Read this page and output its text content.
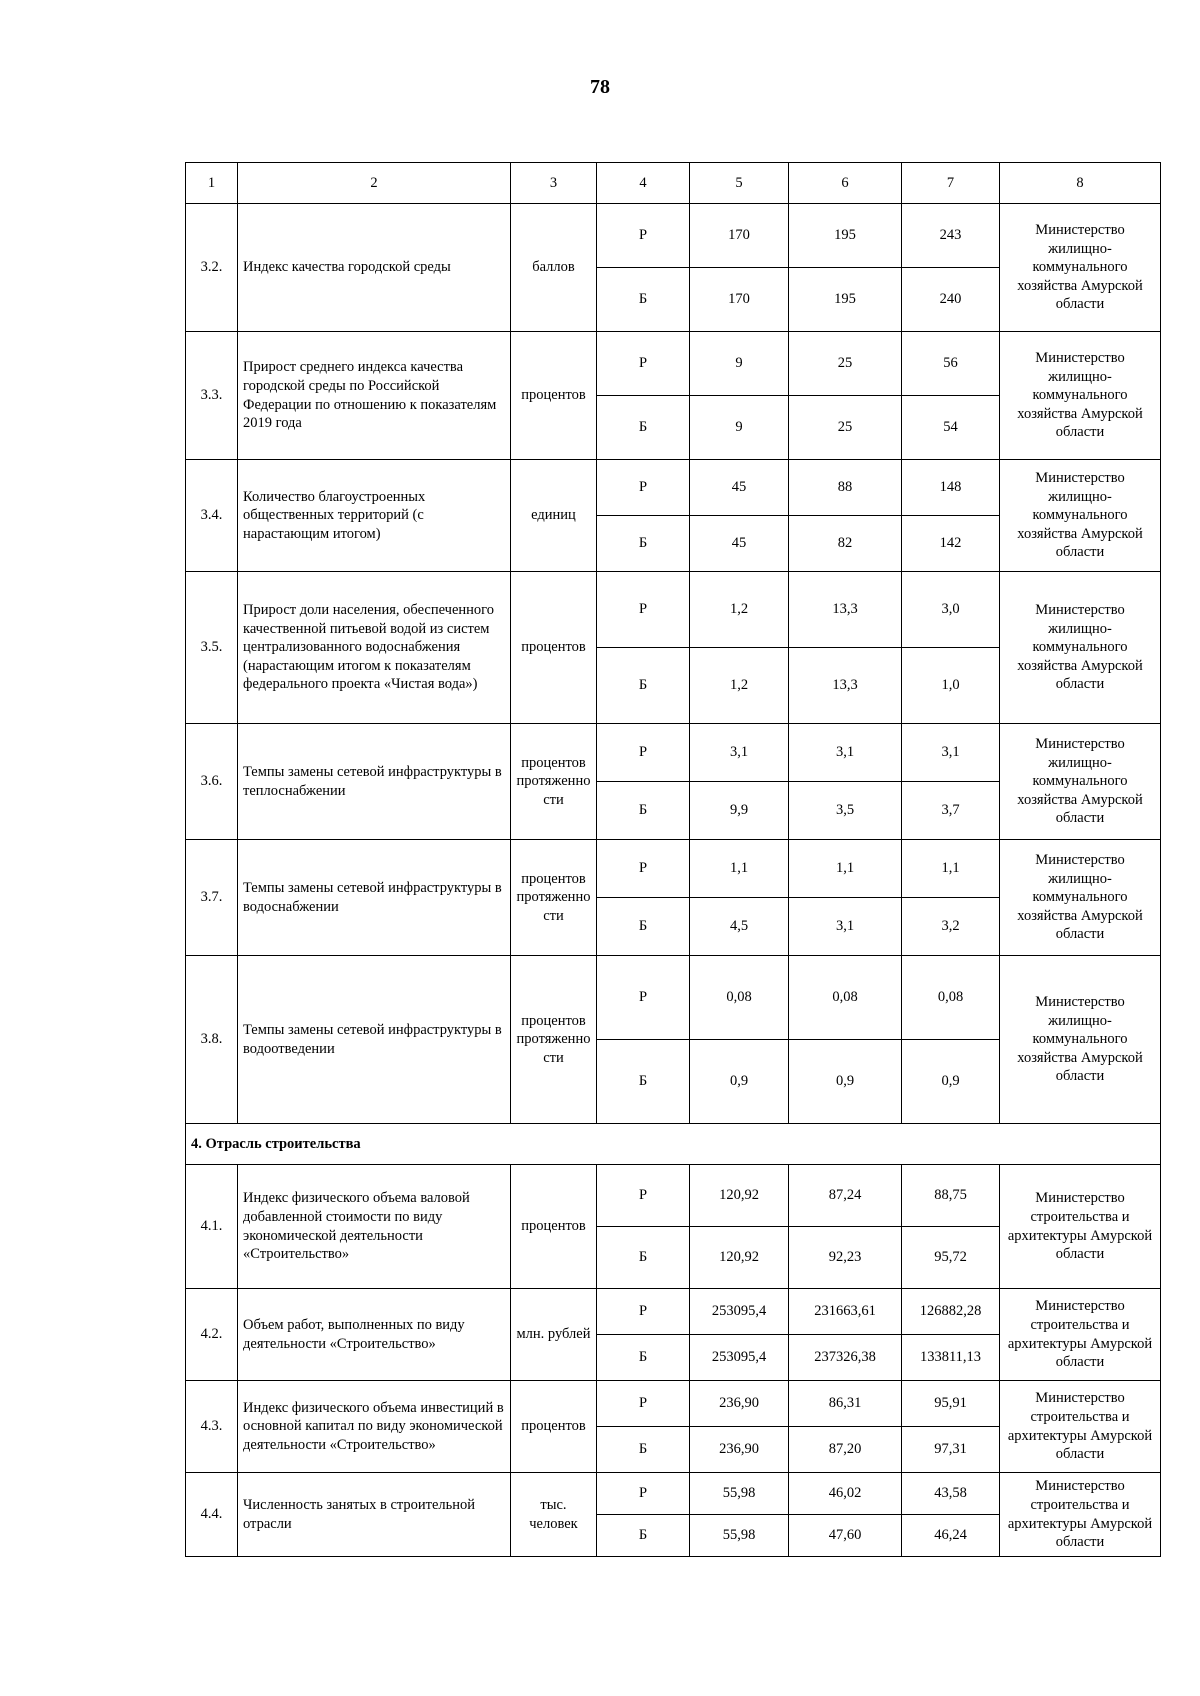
78
1	2	3	4	5	6	7	8
3.2.	Индекс качества городской среды	баллов	Р	170	195	243	Министерство жилищно-коммунального хозяйства Амурской области
			Б	170	195	240	
3.3.	Прирост среднего индекса качества городской среды по Российской Федерации по отношению к показателям 2019 года	процентов	Р	9	25	56	Министерство жилищно-коммунального хозяйства Амурской области
			Б	9	25	54	
3.4.	Количество благоустроенных общественных территорий (с нарастающим итогом)	единиц	Р	45	88	148	Министерство жилищно-коммунального хозяйства Амурской области
			Б	45	82	142	
3.5.	Прирост доли населения, обеспеченного качественной питьевой водой из систем централизованного водоснабжения (нарастающим итогом к показателям федерального проекта «Чистая вода»)	процентов	Р	1,2	13,3	3,0	Министерство жилищно-коммунального хозяйства Амурской области
			Б	1,2	13,3	1,0	
3.6.	Темпы замены сетевой инфраструктуры в теплоснабжении	процентов протяженности	Р	3,1	3,1	3,1	Министерство жилищно-коммунального хозяйства Амурской области
			Б	9,9	3,5	3,7	
3.7.	Темпы замены сетевой инфраструктуры в водоснабжении	процентов протяженности	Р	1,1	1,1	1,1	Министерство жилищно-коммунального хозяйства Амурской области
			Б	4,5	3,1	3,2	
3.8.	Темпы замены сетевой инфраструктуры в водоотведении	процентов протяженности	Р	0,08	0,08	0,08	Министерство жилищно-коммунального хозяйства Амурской области
			Б	0,9	0,9	0,9	
4. Отрасль строительства							
4.1.	Индекс физического объема валовой добавленной стоимости по виду экономической деятельности «Строительство»	процентов	Р	120,92	87,24	88,75	Министерство строительства и архитектуры Амурской области
			Б	120,92	92,23	95,72	
4.2.	Объем работ, выполненных по виду деятельности «Строительство»	млн. рублей	Р	253095,4	231663,61	126882,28	Министерство строительства и архитектуры Амурской области
			Б	253095,4	237326,38	133811,13	
4.3.	Индекс физического объема инвестиций в основной капитал по виду экономической деятельности «Строительство»	процентов	Р	236,90	86,31	95,91	Министерство строительства и архитектуры Амурской области
			Б	236,90	87,20	97,31	
4.4.	Численность занятых в строительной отрасли	тыс. человек	Р	55,98	46,02	43,58	Министерство строительства и архитектуры Амурской области
			Б	55,98	47,60	46,24	
